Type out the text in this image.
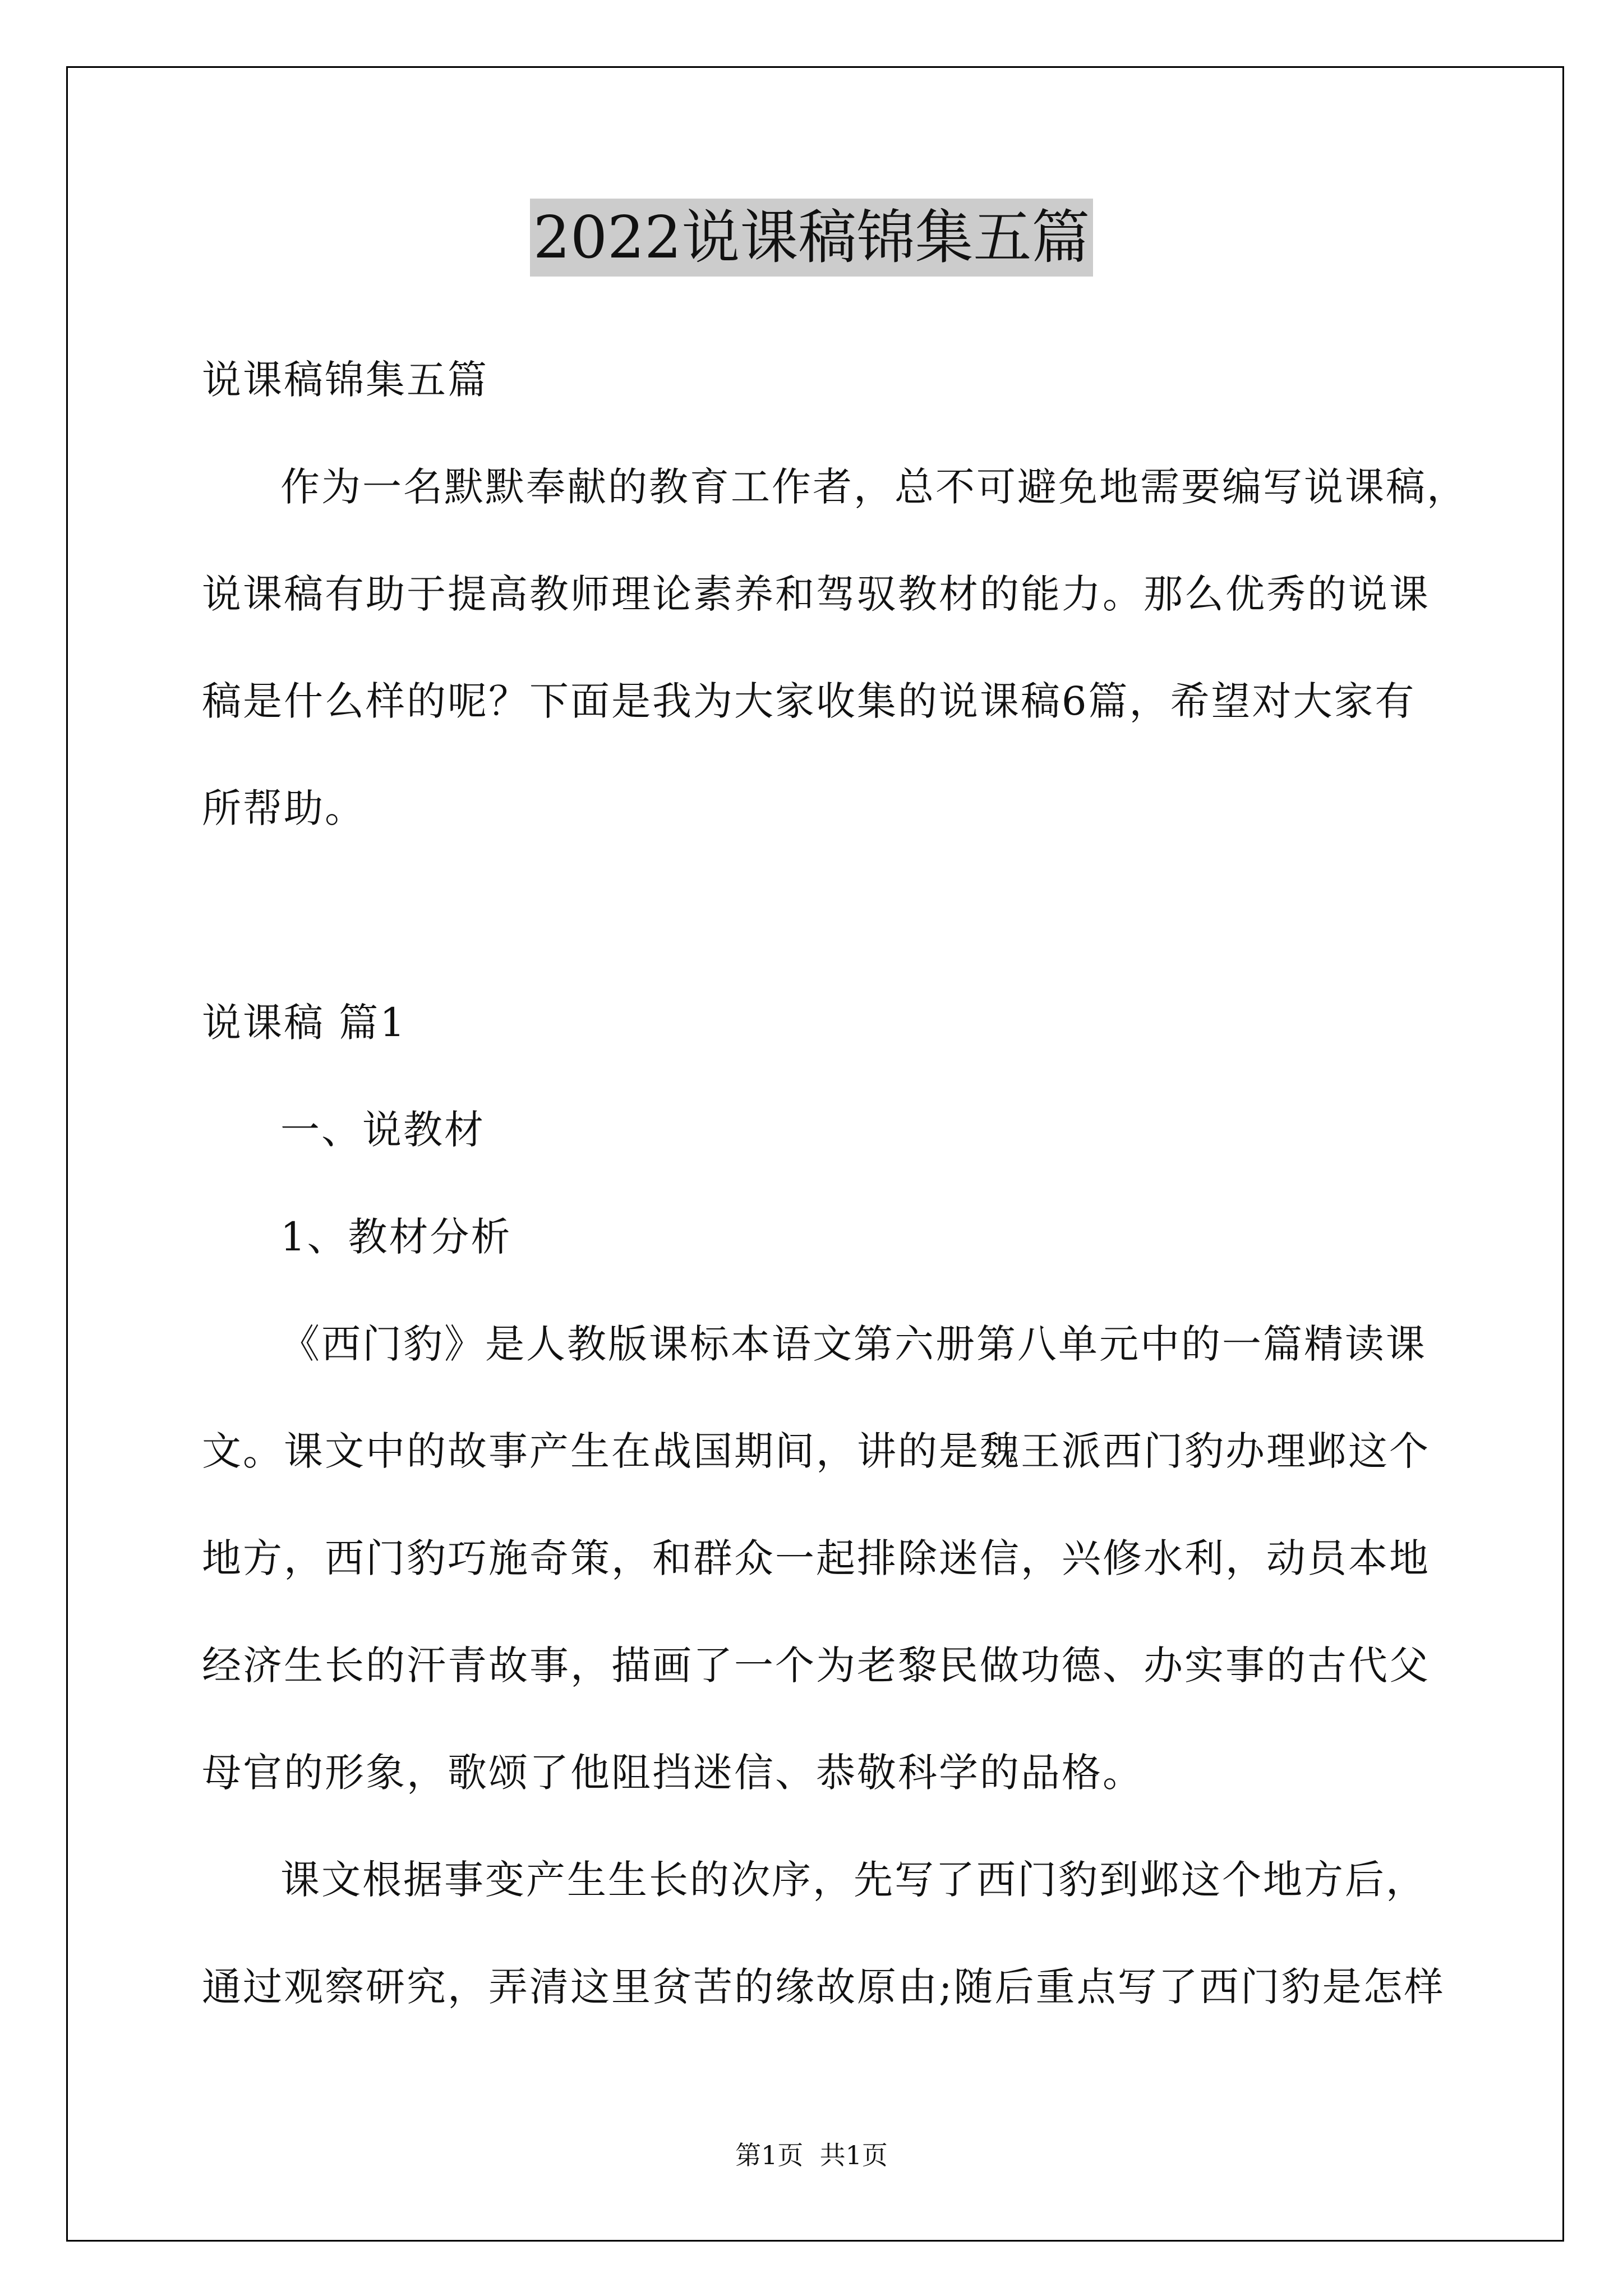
2022说课稿锦集五篇
说课稿锦集五篇
作为一名默默奉献的教育工作者，总不可避免地需要编写说课稿，
说课稿有助于提高教师理论素养和驾驭教材的能力。那么优秀的说课
稿是什么样的呢？下面是我为大家收集的说课稿6篇，希望对大家有
所帮助。
说课稿 篇1
一、说教材
1、教材分析
《西门豹》是人教版课标本语文第六册第八单元中的一篇精读课
文。课文中的故事产生在战国期间，讲的是魏王派西门豹办理邺这个
地方，西门豹巧施奇策，和群众一起排除迷信，兴修水利，动员本地
经济生长的汗青故事，描画了一个为老黎民做功德、办实事的古代父
母官的形象，歌颂了他阻挡迷信、恭敬科学的品格。
课文根据事变产生生长的次序，先写了西门豹到邺这个地方后，
通过观察研究，弄清这里贫苦的缘故原由;随后重点写了西门豹是怎样
第1页  共1页
